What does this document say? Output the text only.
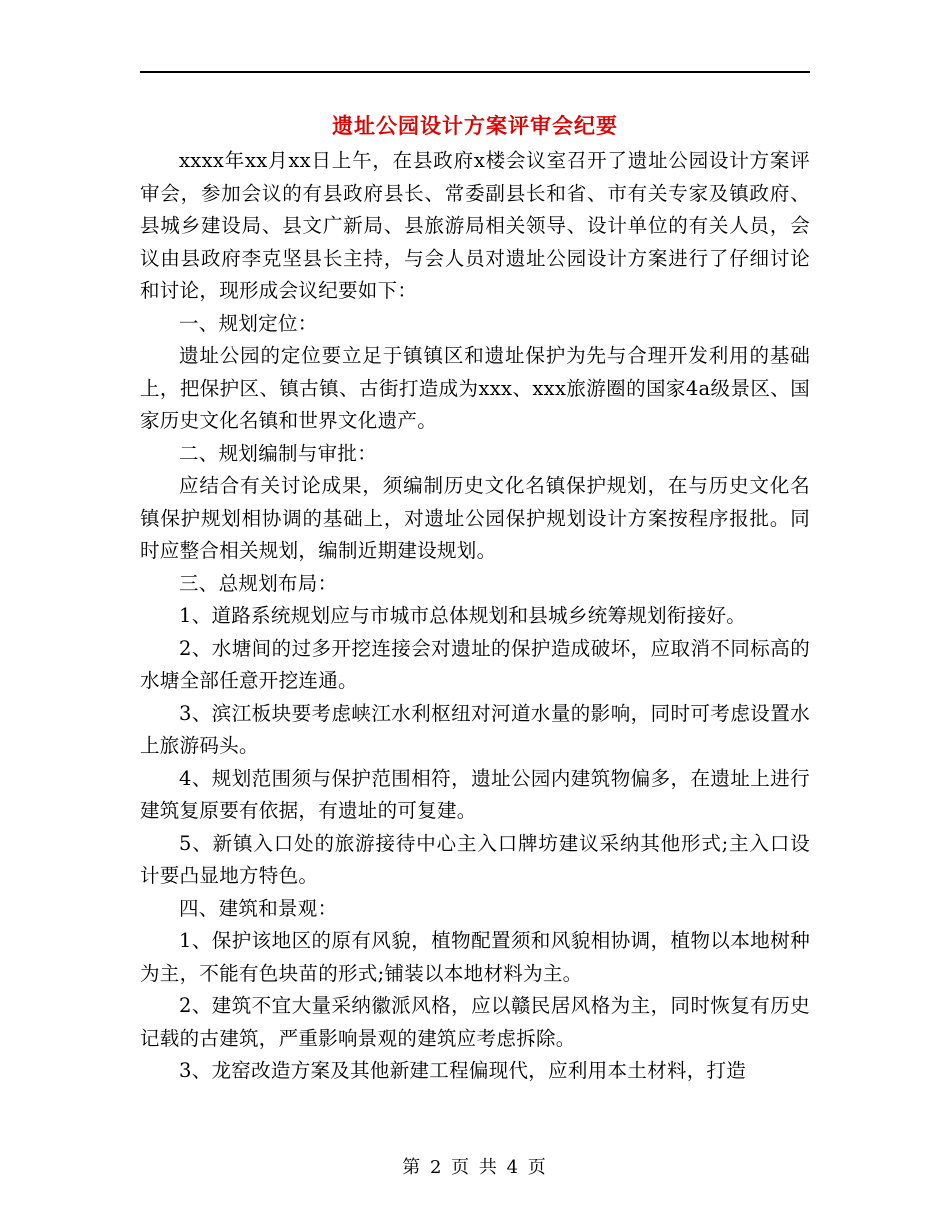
遗址公园设计方案评审会纪要

xxxx年xx月xx日上午，在县政府x楼会议室召开了遗址公园设计方案评审会，参加会议的有县政府县长、常委副县长和省、市有关专家及镇政府、县城乡建设局、县文广新局、县旅游局相关领导、设计单位的有关人员，会议由县政府李克坚县长主持，与会人员对遗址公园设计方案进行了仔细讨论和讨论，现形成会议纪要如下：

一、规划定位：

遗址公园的定位要立足于镇镇区和遗址保护为先与合理开发利用的基础上，把保护区、镇古镇、古街打造成为xxx、xxx旅游圈的国家4a级景区、国家历史文化名镇和世界文化遗产。

二、规划编制与审批：

应结合有关讨论成果，须编制历史文化名镇保护规划，在与历史文化名镇保护规划相协调的基础上，对遗址公园保护规划设计方案按程序报批。同时应整合相关规划，编制近期建设规划。

三、总规划布局：

1、道路系统规划应与市城市总体规划和县城乡统筹规划衔接好。

2、水塘间的过多开挖连接会对遗址的保护造成破坏，应取消不同标高的水塘全部任意开挖连通。

3、滨江板块要考虑峡江水利枢纽对河道水量的影响，同时可考虑设置水上旅游码头。

4、规划范围须与保护范围相符，遗址公园内建筑物偏多，在遗址上进行建筑复原要有依据，有遗址的可复建。

5、新镇入口处的旅游接待中心主入口牌坊建议采纳其他形式;主入口设计要凸显地方特色。

四、建筑和景观：

1、保护该地区的原有风貌，植物配置须和风貌相协调，植物以本地树种为主，不能有色块苗的形式;铺装以本地材料为主。

2、建筑不宜大量采纳徽派风格，应以赣民居风格为主，同时恢复有历史记载的古建筑，严重影响景观的建筑应考虑拆除。

3、龙窑改造方案及其他新建工程偏现代，应利用本土材料，打造

第 2 页 共 4 页
